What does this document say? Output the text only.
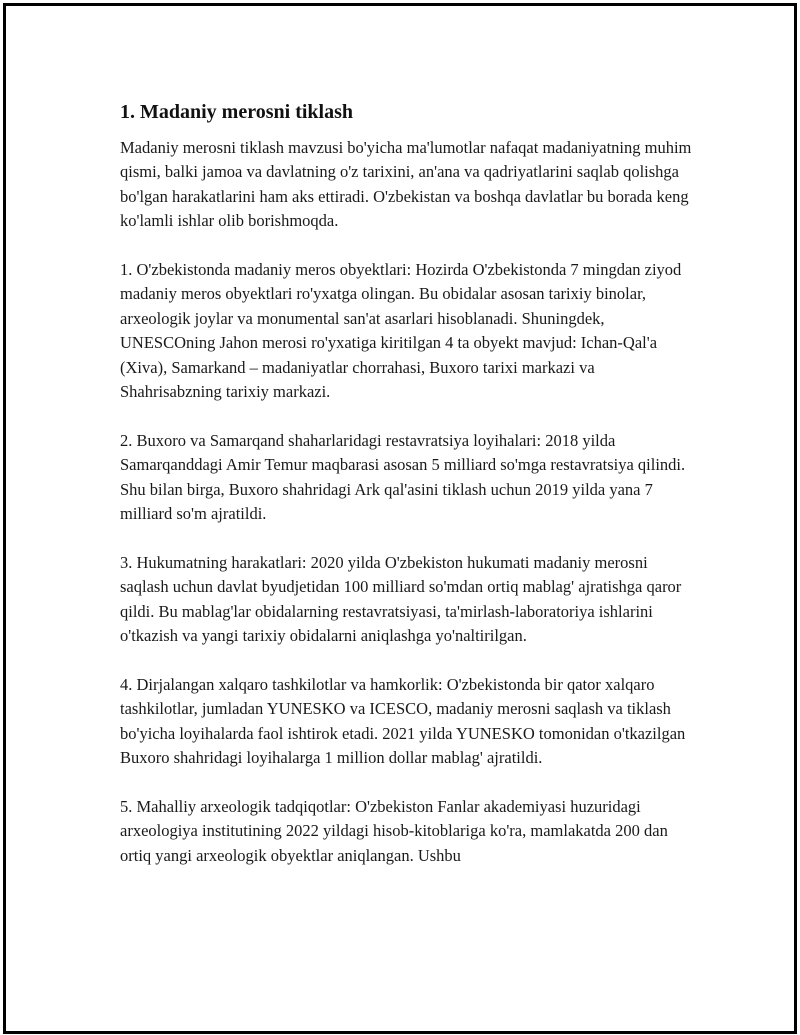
1. Madaniy merosni tiklash

Madaniy merosni tiklash mavzusi bo'yicha ma'lumotlar nafaqat madaniyatning muhim qismi, balki jamoa va davlatning o'z tarixini, an'ana va qadriyatlarini saqlab qolishga bo'lgan harakatlarini ham aks ettiradi. O'zbekistan va boshqa davlatlar bu borada keng ko'lamli ishlar olib borishmoqda.

1. O'zbekistonda madaniy meros obyektlari: Hozirda O'zbekistonda 7 mingdan ziyod madaniy meros obyektlari ro'yxatga olingan. Bu obidalar asosan tarixiy binolar, arxeologik joylar va monumental san'at asarlari hisoblanadi. Shuningdek, UNESCOning Jahon merosi ro'yxatiga kiritilgan 4 ta obyekt mavjud: Ichan-Qal'a (Xiva), Samarkand – madaniyatlar chorrahasi, Buxoro tarixi markazi va Shahrisabzning tarixiy markazi.

2. Buxoro va Samarqand shaharlaridagi restavratsiya loyihalari: 2018 yilda Samarqanddagi Amir Temur maqbarasi asosan 5 milliard so'mga restavratsiya qilindi. Shu bilan birga, Buxoro shahridagi Ark qal'asini tiklash uchun 2019 yilda yana 7 milliard so'm ajratildi.

3. Hukumatning harakatlari: 2020 yilda O'zbekiston hukumati madaniy merosni saqlash uchun davlat byudjetidan 100 milliard so'mdan ortiq mablag' ajratishga qaror qildi. Bu mablag'lar obidalarning restavratsiyasi, ta'mirlash-laboratoriya ishlarini o'tkazish va yangi tarixiy obidalarni aniqlashga yo'naltirilgan.

4. Dirjalangan xalqaro tashkilotlar va hamkorlik: O'zbekistonda bir qator xalqaro tashkilotlar, jumladan YUNESKO va ICESCO, madaniy merosni saqlash va tiklash bo'yicha loyihalarda faol ishtirok etadi. 2021 yilda YUNESKO tomonidan o'tkazilgan Buxoro shahridagi loyihalarga 1 million dollar mablag' ajratildi.

5. Mahalliy arxeologik tadqiqotlar: O'zbekiston Fanlar akademiyasi huzuridagi arxeologiya institutining 2022 yildagi hisob-kitoblariga ko'ra, mamlakatda 200 dan ortiq yangi arxeologik obyektlar aniqlangan. Ushbu
